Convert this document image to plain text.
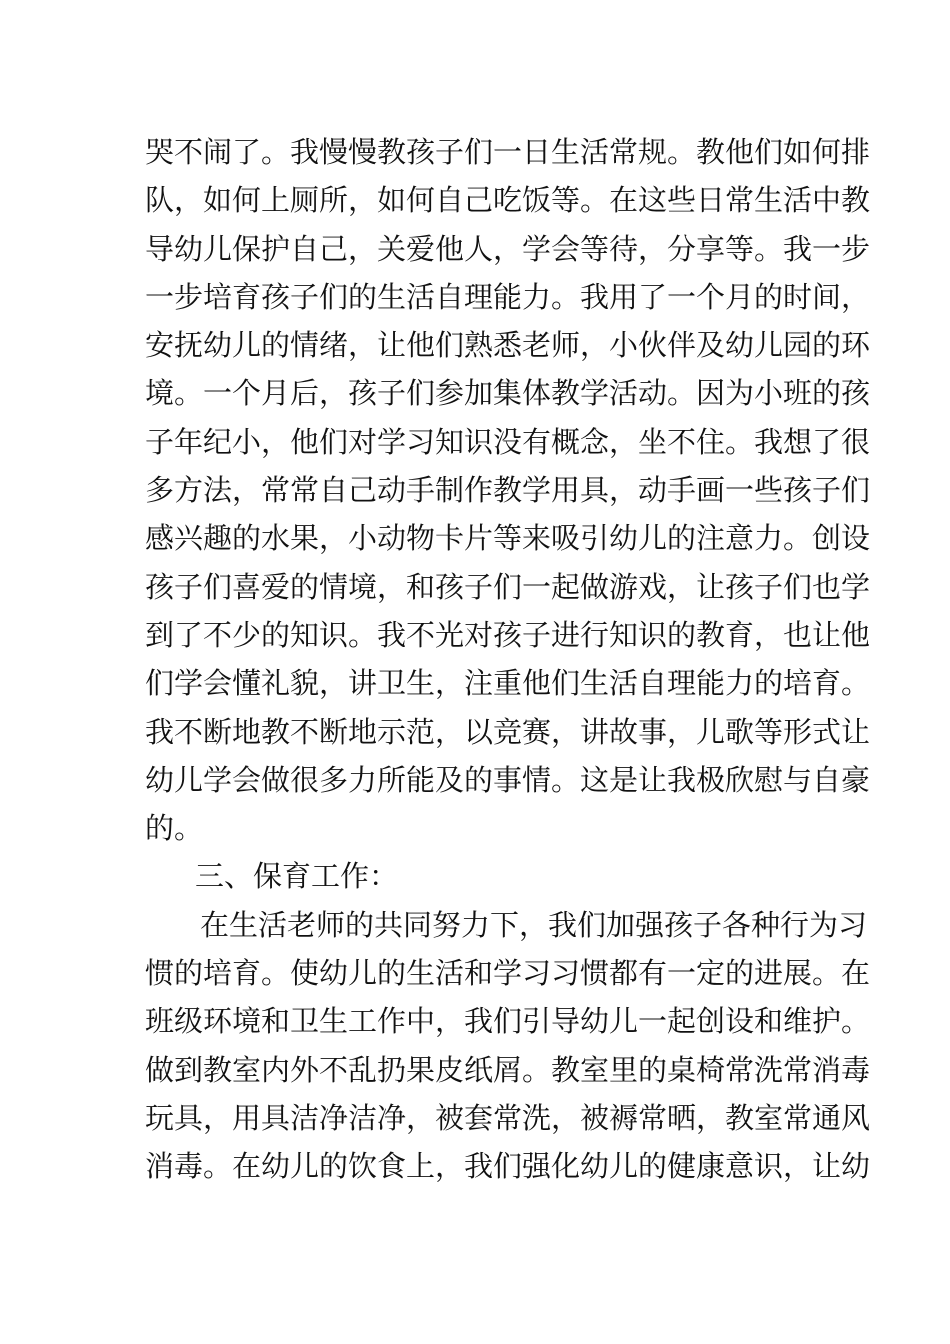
哭不闹了。我慢慢教孩子们一日生活常规。教他们如何排
队，如何上厕所，如何自己吃饭等。在这些日常生活中教
导幼儿保护自己，关爱他人，学会等待，分享等。我一步
一步培育孩子们的生活自理能力。我用了一个月的时间，
安抚幼儿的情绪，让他们熟悉老师，小伙伴及幼儿园的环
境。一个月后，孩子们参加集体教学活动。因为小班的孩
子年纪小，他们对学习知识没有概念，坐不住。我想了很
多方法，常常自己动手制作教学用具，动手画一些孩子们
感兴趣的水果，小动物卡片等来吸引幼儿的注意力。创设
孩子们喜爱的情境，和孩子们一起做游戏，让孩子们也学
到了不少的知识。我不光对孩子进行知识的教育，也让他
们学会懂礼貌，讲卫生，注重他们生活自理能力的培育。
我不断地教不断地示范，以竞赛，讲故事，儿歌等形式让
幼儿学会做很多力所能及的事情。这是让我极欣慰与自豪
的。
三、保育工作：
在生活老师的共同努力下，我们加强孩子各种行为习
惯的培育。使幼儿的生活和学习习惯都有一定的进展。在
班级环境和卫生工作中，我们引导幼儿一起创设和维护。
做到教室内外不乱扔果皮纸屑。教室里的桌椅常洗常消毒
玩具，用具洁净洁净，被套常洗，被褥常晒，教室常通风
消毒。在幼儿的饮食上，我们强化幼儿的健康意识，让幼
